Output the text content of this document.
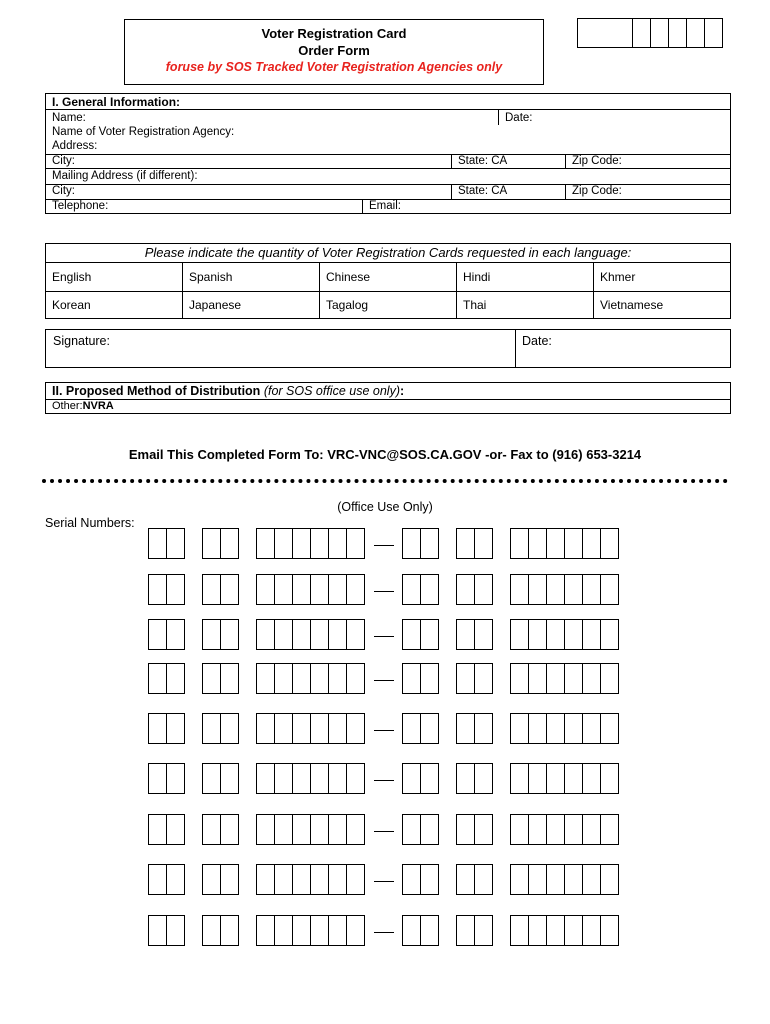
Voter Registration Card
Order Form
foruse by SOS Tracked Voter Registration Agencies only
I. General Information:
Name:	Date:
Name of Voter Registration Agency:
Address:
City:	State: CA	Zip Code:
Mailing Address (if different):
City:	State: CA	Zip Code:
Telephone:	Email:
Please indicate the quantity of Voter Registration Cards requested in each language:
English	Spanish	Chinese	Hindi	Khmer
Korean	Japanese	Tagalog	Thai	Vietnamese
Signature:	Date:
II. Proposed Method of Distribution (for SOS office use only):
Other:NVRA
Email This Completed Form To: VRC-VNC@SOS.CA.GOV -or- Fax to (916) 653-3214
(Office Use Only)
Serial Numbers:
